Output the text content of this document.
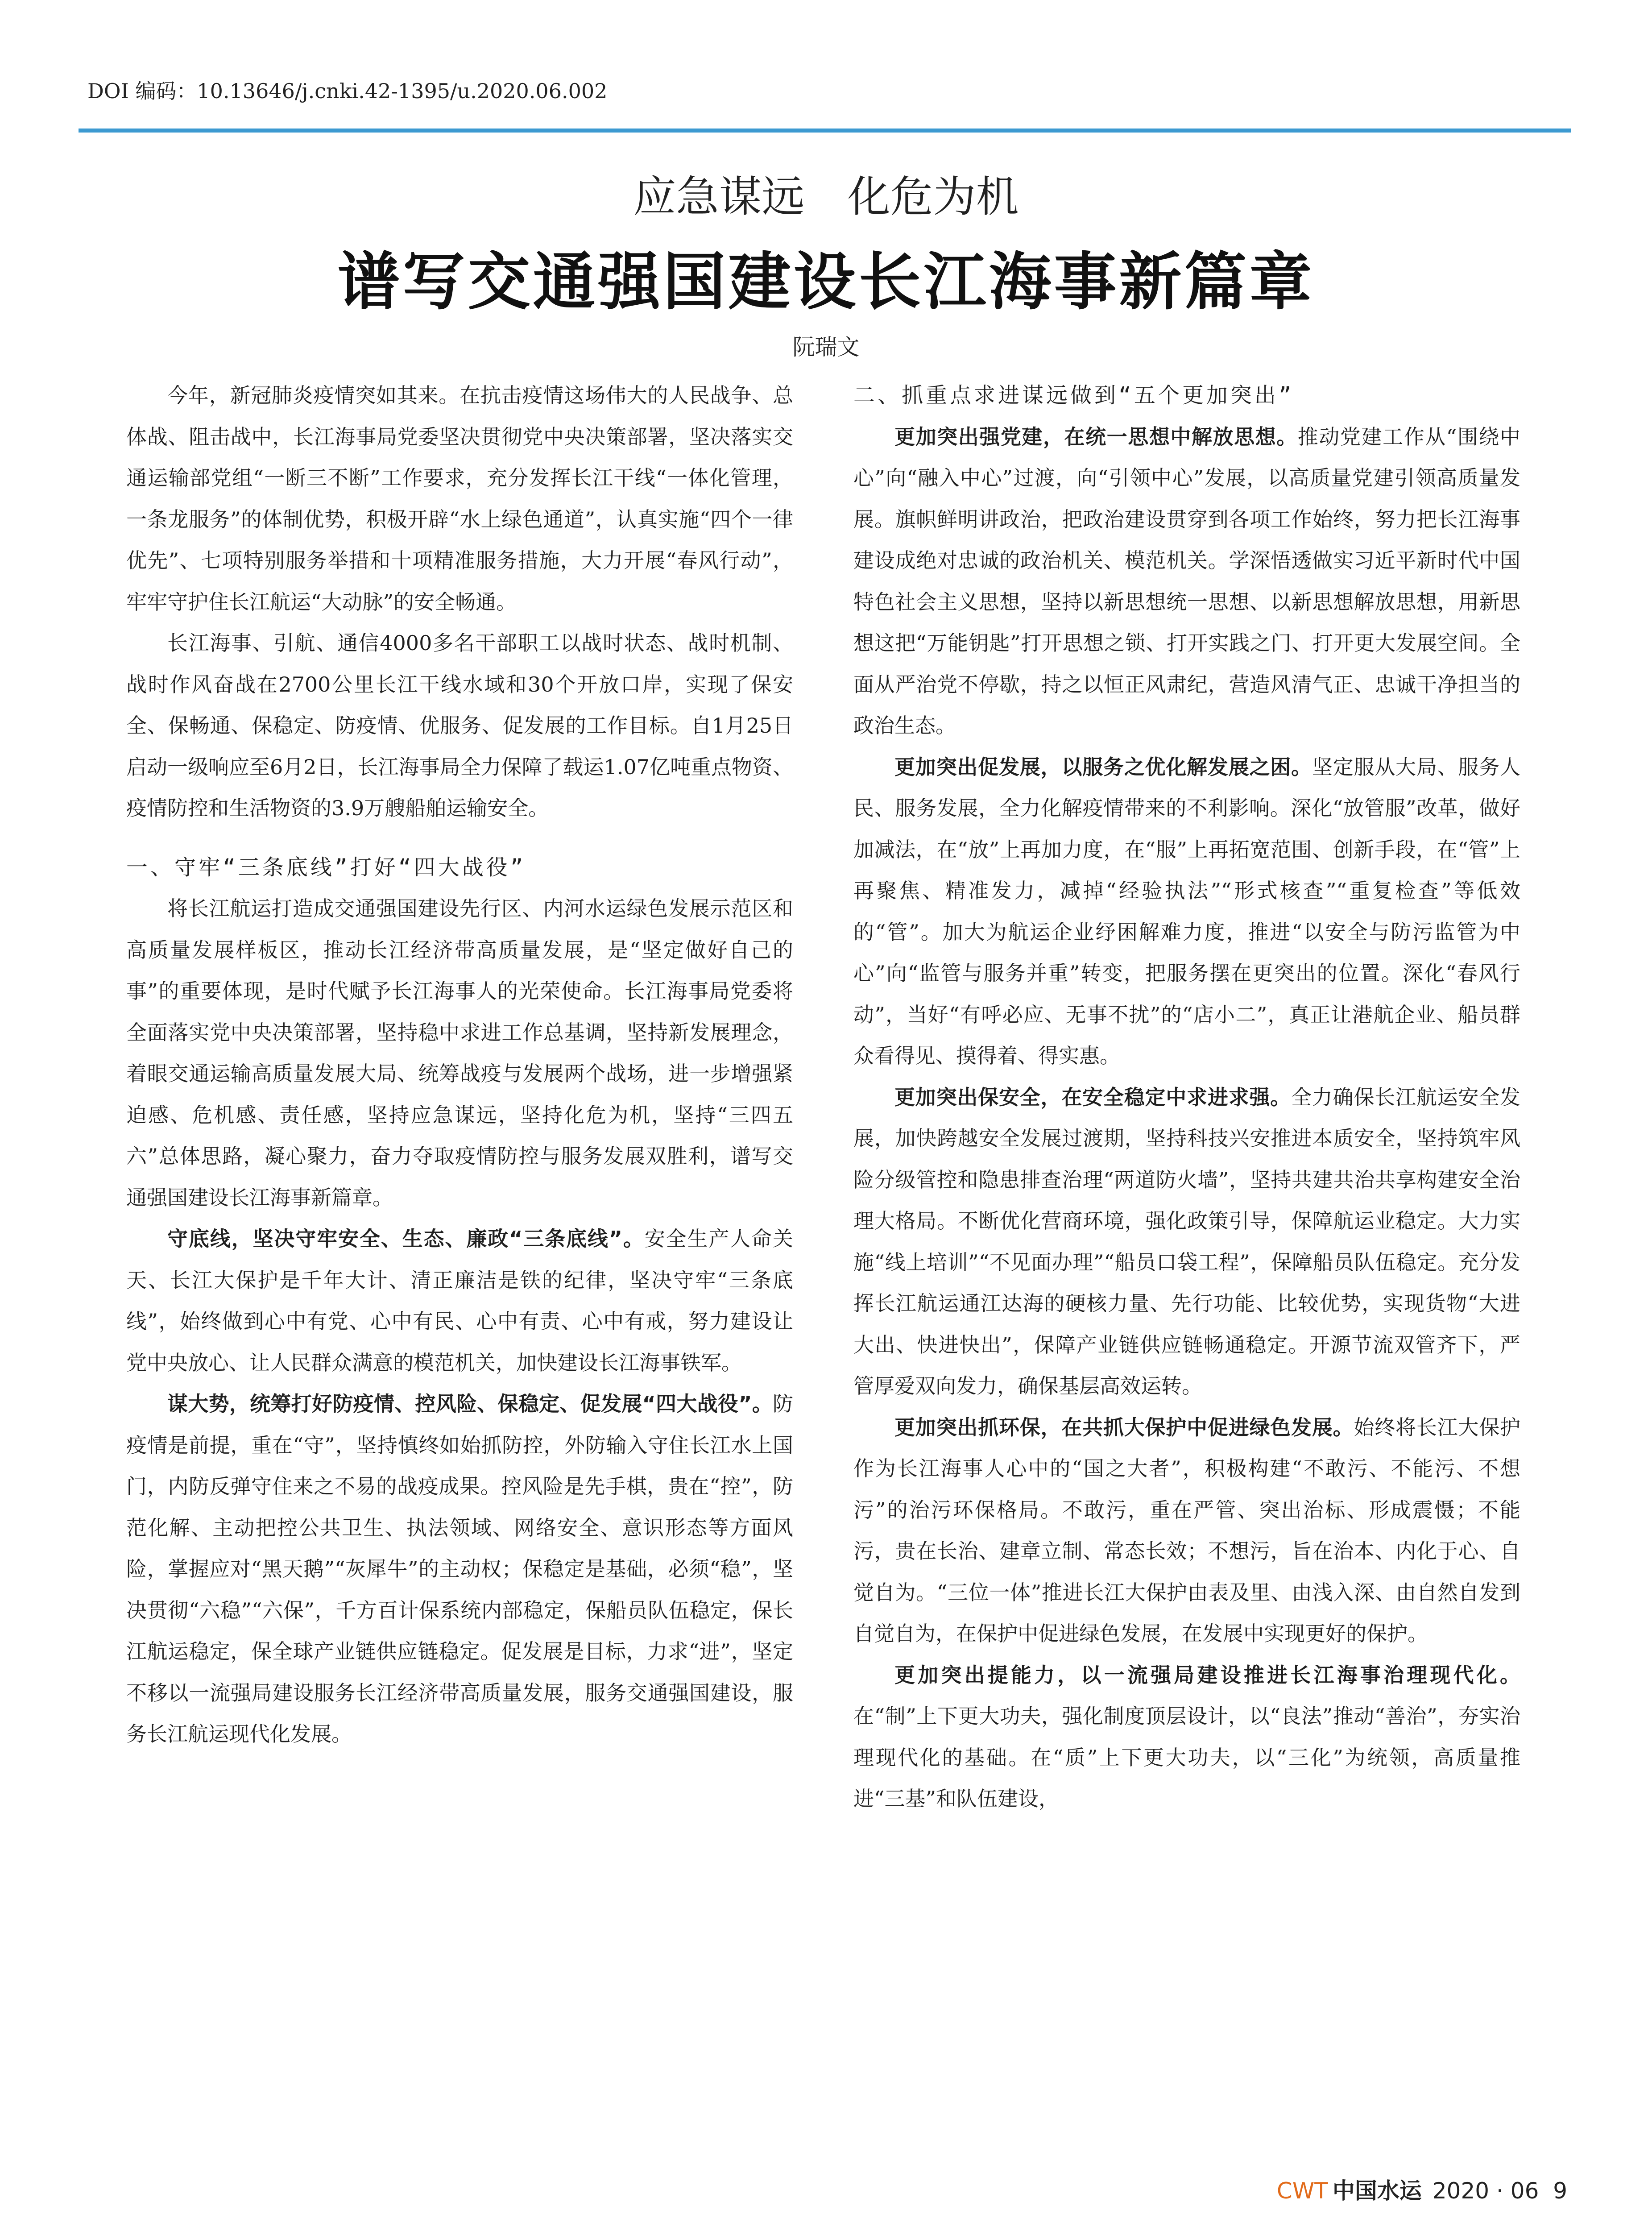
DOI 编码：10.13646/j.cnki.42-1395/u.2020.06.002
应急谋远　化危为机
谱写交通强国建设长江海事新篇章
阮瑞文

今年，新冠肺炎疫情突如其来。在抗击疫情这场伟大的人民战争、总体战、阻击战中，长江海事局党委坚决贯彻党中央决策部署，坚决落实交通运输部党组“一断三不断”工作要求，充分发挥长江干线“一体化管理，一条龙服务”的体制优势，积极开辟“水上绿色通道”，认真实施“四个一律优先”、七项特别服务举措和十项精准服务措施，大力开展“春风行动”，牢牢守护住长江航运“大动脉”的安全畅通。

长江海事、引航、通信4000多名干部职工以战时状态、战时机制、战时作风奋战在2700公里长江干线水域和30个开放口岸，实现了保安全、保畅通、保稳定、防疫情、优服务、促发展的工作目标。自1月25日启动一级响应至6月2日，长江海事局全力保障了载运1.07亿吨重点物资、疫情防控和生活物资的3.9万艘船舶运输安全。

一、守牢“三条底线”打好“四大战役”

将长江航运打造成交通强国建设先行区、内河水运绿色发展示范区和高质量发展样板区，推动长江经济带高质量发展，是“坚定做好自己的事”的重要体现，是时代赋予长江海事人的光荣使命。长江海事局党委将全面落实党中央决策部署，坚持稳中求进工作总基调，坚持新发展理念，着眼交通运输高质量发展大局、统筹战疫与发展两个战场，进一步增强紧迫感、危机感、责任感，坚持应急谋远，坚持化危为机，坚持“三四五六”总体思路，凝心聚力，奋力夺取疫情防控与服务发展双胜利，谱写交通强国建设长江海事新篇章。

守底线，坚决守牢安全、生态、廉政“三条底线”。安全生产人命关天、长江大保护是千年大计、清正廉洁是铁的纪律，坚决守牢“三条底线”，始终做到心中有党、心中有民、心中有责、心中有戒，努力建设让党中央放心、让人民群众满意的模范机关，加快建设长江海事铁军。

谋大势，统筹打好防疫情、控风险、保稳定、促发展“四大战役”。防疫情是前提，重在“守”，坚持慎终如始抓防控，外防输入守住长江水上国门，内防反弹守住来之不易的战疫成果。控风险是先手棋，贵在“控”，防范化解、主动把控公共卫生、执法领域、网络安全、意识形态等方面风险，掌握应对“黑天鹅”“灰犀牛”的主动权；保稳定是基础，必须“稳”，坚决贯彻“六稳”“六保”，千方百计保系统内部稳定，保船员队伍稳定，保长江航运稳定，保全球产业链供应链稳定。促发展是目标，力求“进”，坚定不移以一流强局建设服务长江经济带高质量发展，服务交通强国建设，服务长江航运现代化发展。

二、抓重点求进谋远做到“五个更加突出”

更加突出强党建，在统一思想中解放思想。推动党建工作从“围绕中心”向“融入中心”过渡，向“引领中心”发展，以高质量党建引领高质量发展。旗帜鲜明讲政治，把政治建设贯穿到各项工作始终，努力把长江海事建设成绝对忠诚的政治机关、模范机关。学深悟透做实习近平新时代中国特色社会主义思想，坚持以新思想统一思想、以新思想解放思想，用新思想这把“万能钥匙”打开思想之锁、打开实践之门、打开更大发展空间。全面从严治党不停歇，持之以恒正风肃纪，营造风清气正、忠诚干净担当的政治生态。

更加突出促发展，以服务之优化解发展之困。坚定服从大局、服务人民、服务发展，全力化解疫情带来的不利影响。深化“放管服”改革，做好加减法，在“放”上再加力度，在“服”上再拓宽范围、创新手段，在“管”上再聚焦、精准发力，减掉“经验执法”“形式核查”“重复检查”等低效的“管”。加大为航运企业纾困解难力度，推进“以安全与防污监管为中心”向“监管与服务并重”转变，把服务摆在更突出的位置。深化“春风行动”，当好“有呼必应、无事不扰”的“店小二”，真正让港航企业、船员群众看得见、摸得着、得实惠。

更加突出保安全，在安全稳定中求进求强。全力确保长江航运安全发展，加快跨越安全发展过渡期，坚持科技兴安推进本质安全，坚持筑牢风险分级管控和隐患排查治理“两道防火墙”，坚持共建共治共享构建安全治理大格局。不断优化营商环境，强化政策引导，保障航运业稳定。大力实施“线上培训”“不见面办理”“船员口袋工程”，保障船员队伍稳定。充分发挥长江航运通江达海的硬核力量、先行功能、比较优势，实现货物“大进大出、快进快出”，保障产业链供应链畅通稳定。开源节流双管齐下，严管厚爱双向发力，确保基层高效运转。

更加突出抓环保，在共抓大保护中促进绿色发展。始终将长江大保护作为长江海事人心中的“国之大者”，积极构建“不敢污、不能污、不想污”的治污环保格局。不敢污，重在严管、突出治标、形成震慑；不能污，贵在长治、建章立制、常态长效；不想污，旨在治本、内化于心、自觉自为。“三位一体”推进长江大保护由表及里、由浅入深、由自然自发到自觉自为，在保护中促进绿色发展，在发展中实现更好的保护。

更加突出提能力，以一流强局建设推进长江海事治理现代化。在“制”上下更大功夫，强化制度顶层设计，以“良法”推动“善治”，夯实治理现代化的基础。在“质”上下更大功夫，以“三化”为统领，高质量推进“三基”和队伍建设，

CWT 中国水运 2020 · 06 9
